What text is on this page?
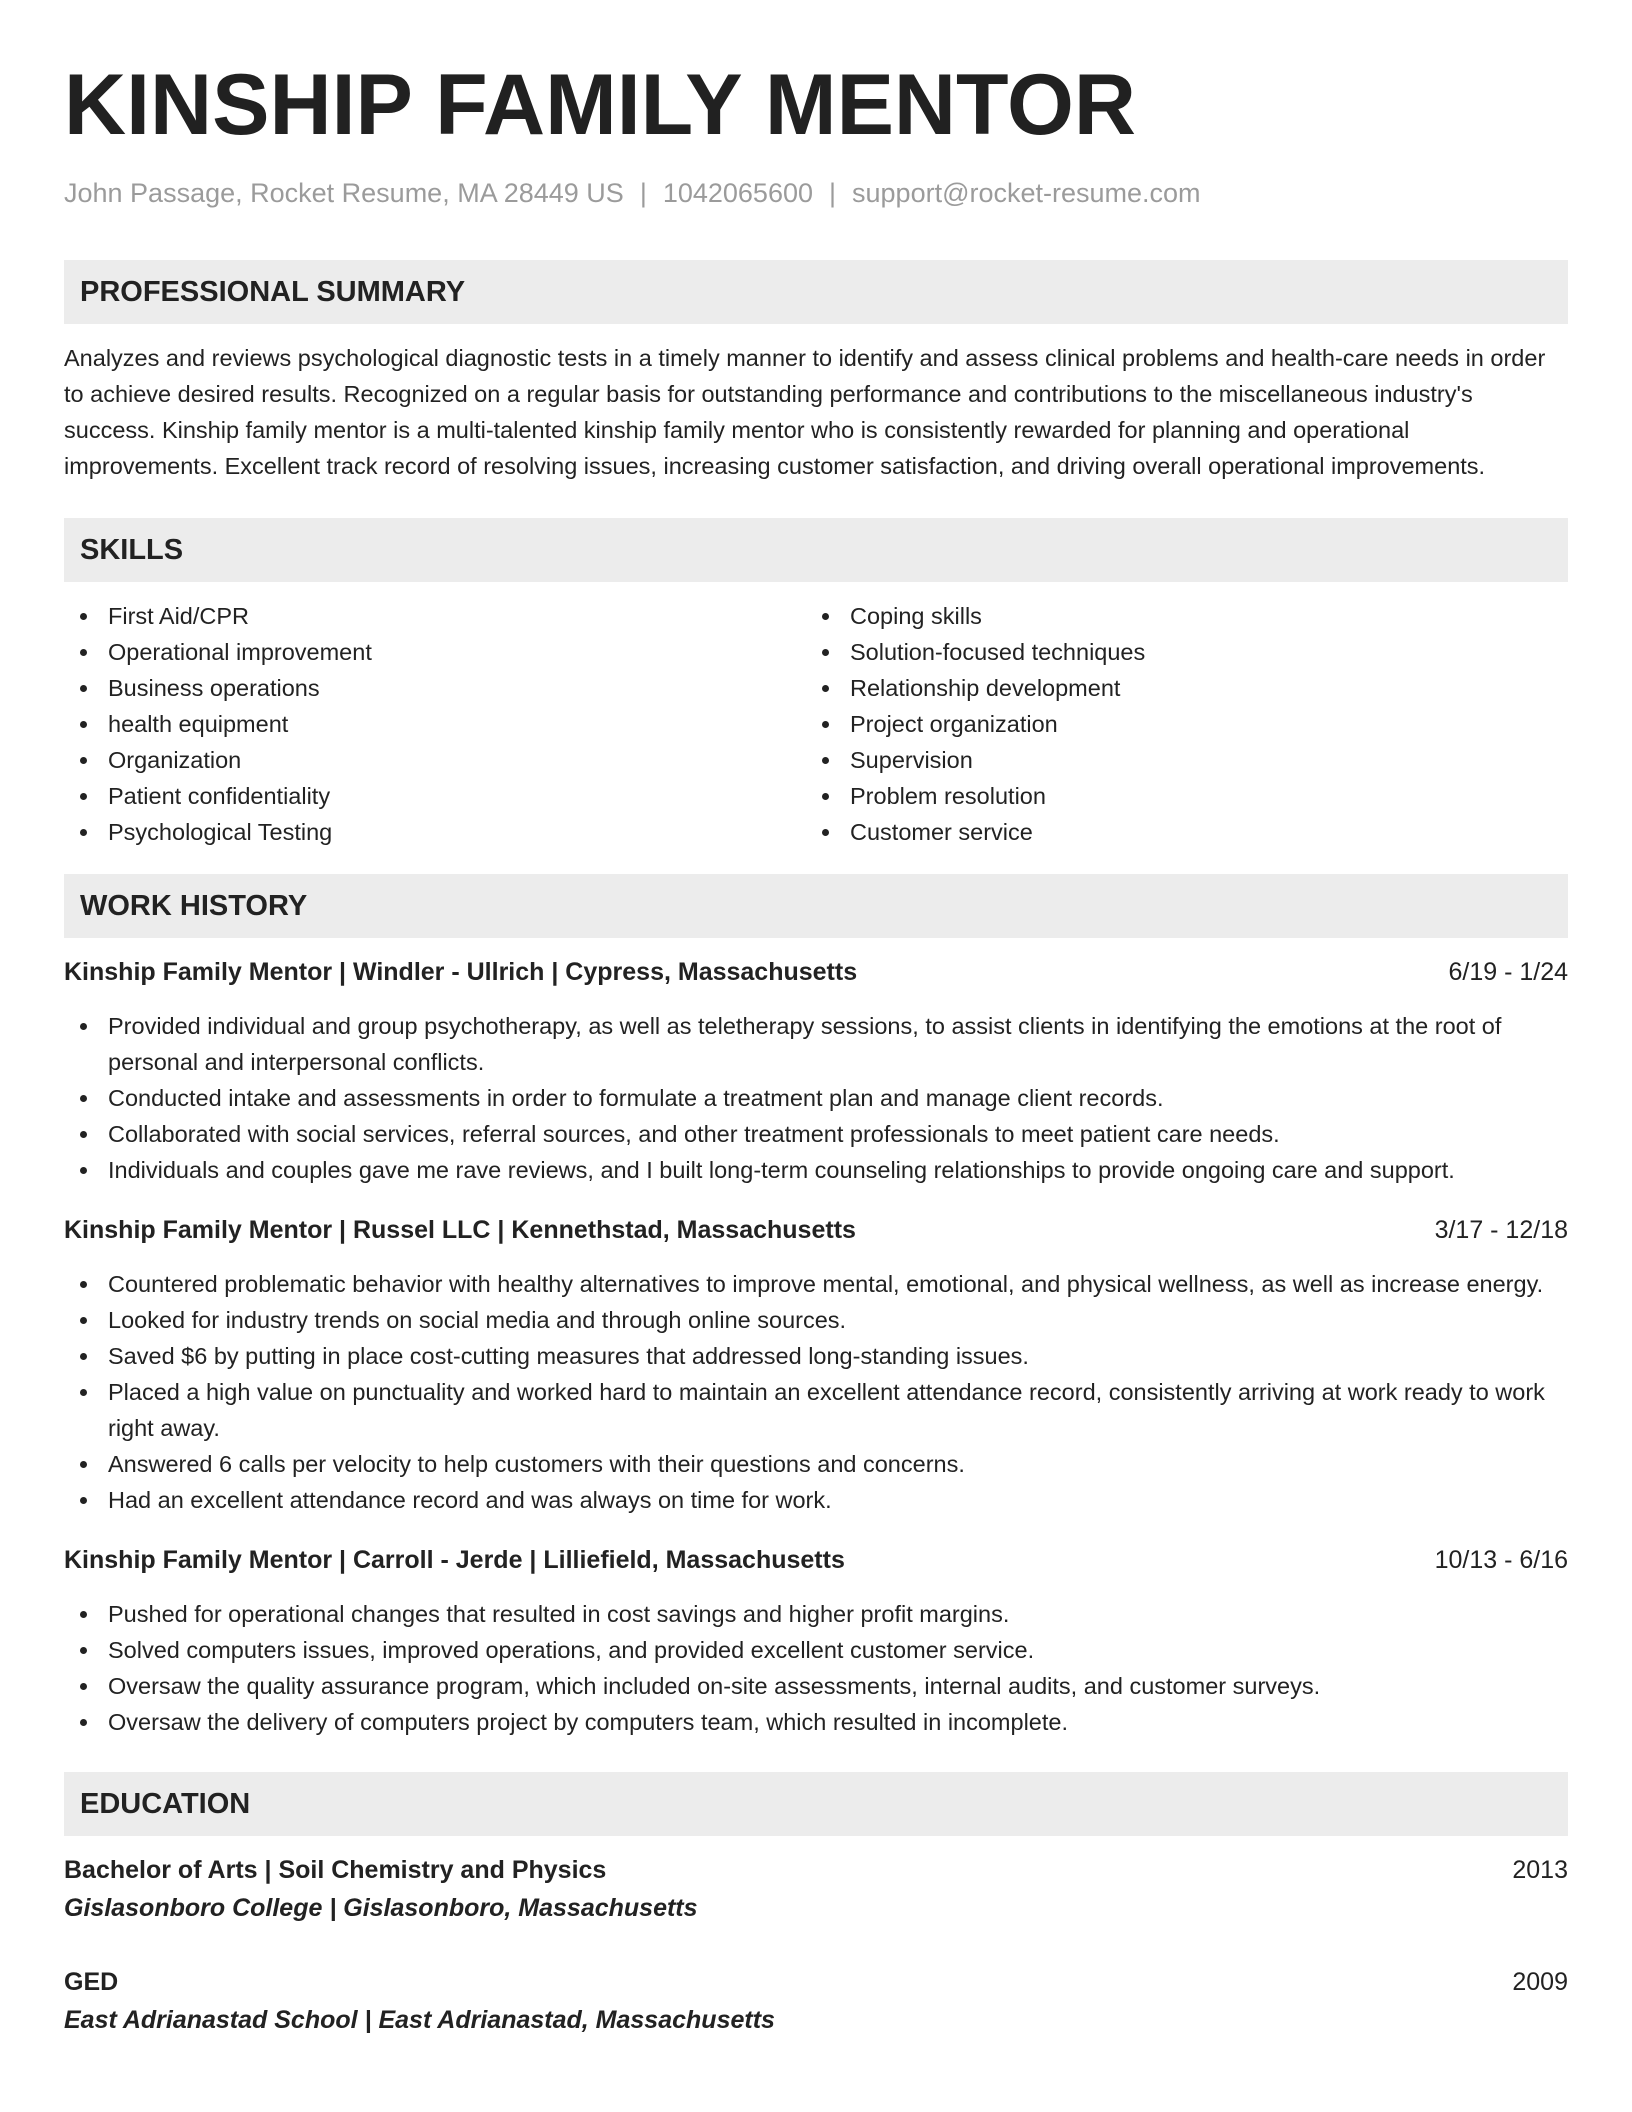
KINSHIP FAMILY MENTOR
John Passage, Rocket Resume, MA 28449 US | 1042065600 | support@rocket-resume.com
PROFESSIONAL SUMMARY
Analyzes and reviews psychological diagnostic tests in a timely manner to identify and assess clinical problems and health-care needs in order to achieve desired results. Recognized on a regular basis for outstanding performance and contributions to the miscellaneous industry's success. Kinship family mentor is a multi-talented kinship family mentor who is consistently rewarded for planning and operational improvements. Excellent track record of resolving issues, increasing customer satisfaction, and driving overall operational improvements.
SKILLS
First Aid/CPR
Operational improvement
Business operations
health equipment
Organization
Patient confidentiality
Psychological Testing
Coping skills
Solution-focused techniques
Relationship development
Project organization
Supervision
Problem resolution
Customer service
WORK HISTORY
Kinship Family Mentor | Windler - Ullrich | Cypress, Massachusetts	6/19 - 1/24
Provided individual and group psychotherapy, as well as teletherapy sessions, to assist clients in identifying the emotions at the root of personal and interpersonal conflicts.
Conducted intake and assessments in order to formulate a treatment plan and manage client records.
Collaborated with social services, referral sources, and other treatment professionals to meet patient care needs.
Individuals and couples gave me rave reviews, and I built long-term counseling relationships to provide ongoing care and support.
Kinship Family Mentor | Russel LLC | Kennethstad, Massachusetts	3/17 - 12/18
Countered problematic behavior with healthy alternatives to improve mental, emotional, and physical wellness, as well as increase energy.
Looked for industry trends on social media and through online sources.
Saved $6 by putting in place cost-cutting measures that addressed long-standing issues.
Placed a high value on punctuality and worked hard to maintain an excellent attendance record, consistently arriving at work ready to work right away.
Answered 6 calls per velocity to help customers with their questions and concerns.
Had an excellent attendance record and was always on time for work.
Kinship Family Mentor | Carroll - Jerde | Lilliefield, Massachusetts	10/13 - 6/16
Pushed for operational changes that resulted in cost savings and higher profit margins.
Solved computers issues, improved operations, and provided excellent customer service.
Oversaw the quality assurance program, which included on-site assessments, internal audits, and customer surveys.
Oversaw the delivery of computers project by computers team, which resulted in incomplete.
EDUCATION
Bachelor of Arts | Soil Chemistry and Physics	2013
Gislasonboro College | Gislasonboro, Massachusetts
GED	2009
East Adrianastad School | East Adrianastad, Massachusetts
